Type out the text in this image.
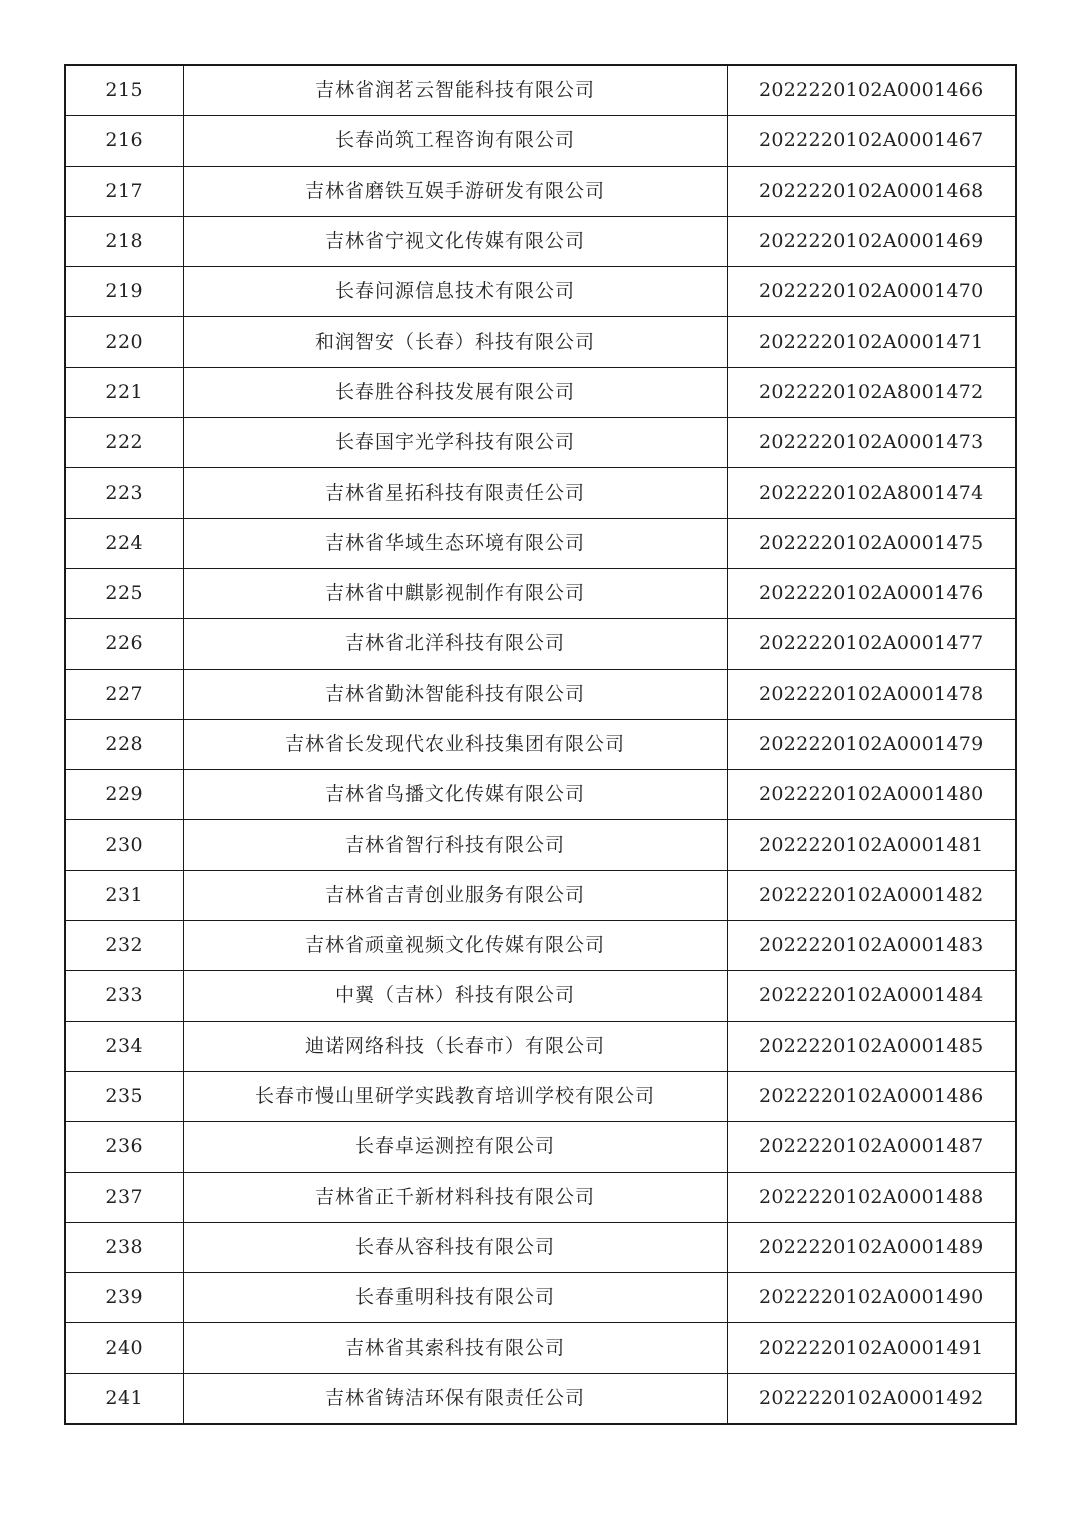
215	吉林省润茗云智能科技有限公司	2022220102A0001466
216	长春尚筑工程咨询有限公司	2022220102A0001467
217	吉林省磨铁互娱手游研发有限公司	2022220102A0001468
218	吉林省宁视文化传媒有限公司	2022220102A0001469
219	长春问源信息技术有限公司	2022220102A0001470
220	和润智安（长春）科技有限公司	2022220102A0001471
221	长春胜谷科技发展有限公司	2022220102A8001472
222	长春国宇光学科技有限公司	2022220102A0001473
223	吉林省星拓科技有限责任公司	2022220102A8001474
224	吉林省华域生态环境有限公司	2022220102A0001475
225	吉林省中麒影视制作有限公司	2022220102A0001476
226	吉林省北洋科技有限公司	2022220102A0001477
227	吉林省勤沐智能科技有限公司	2022220102A0001478
228	吉林省长发现代农业科技集团有限公司	2022220102A0001479
229	吉林省鸟播文化传媒有限公司	2022220102A0001480
230	吉林省智行科技有限公司	2022220102A0001481
231	吉林省吉青创业服务有限公司	2022220102A0001482
232	吉林省顽童视频文化传媒有限公司	2022220102A0001483
233	中翼（吉林）科技有限公司	2022220102A0001484
234	迪诺网络科技（长春市）有限公司	2022220102A0001485
235	长春市慢山里研学实践教育培训学校有限公司	2022220102A0001486
236	长春卓运测控有限公司	2022220102A0001487
237	吉林省正千新材料科技有限公司	2022220102A0001488
238	长春从容科技有限公司	2022220102A0001489
239	长春重明科技有限公司	2022220102A0001490
240	吉林省其索科技有限公司	2022220102A0001491
241	吉林省铸洁环保有限责任公司	2022220102A0001492
